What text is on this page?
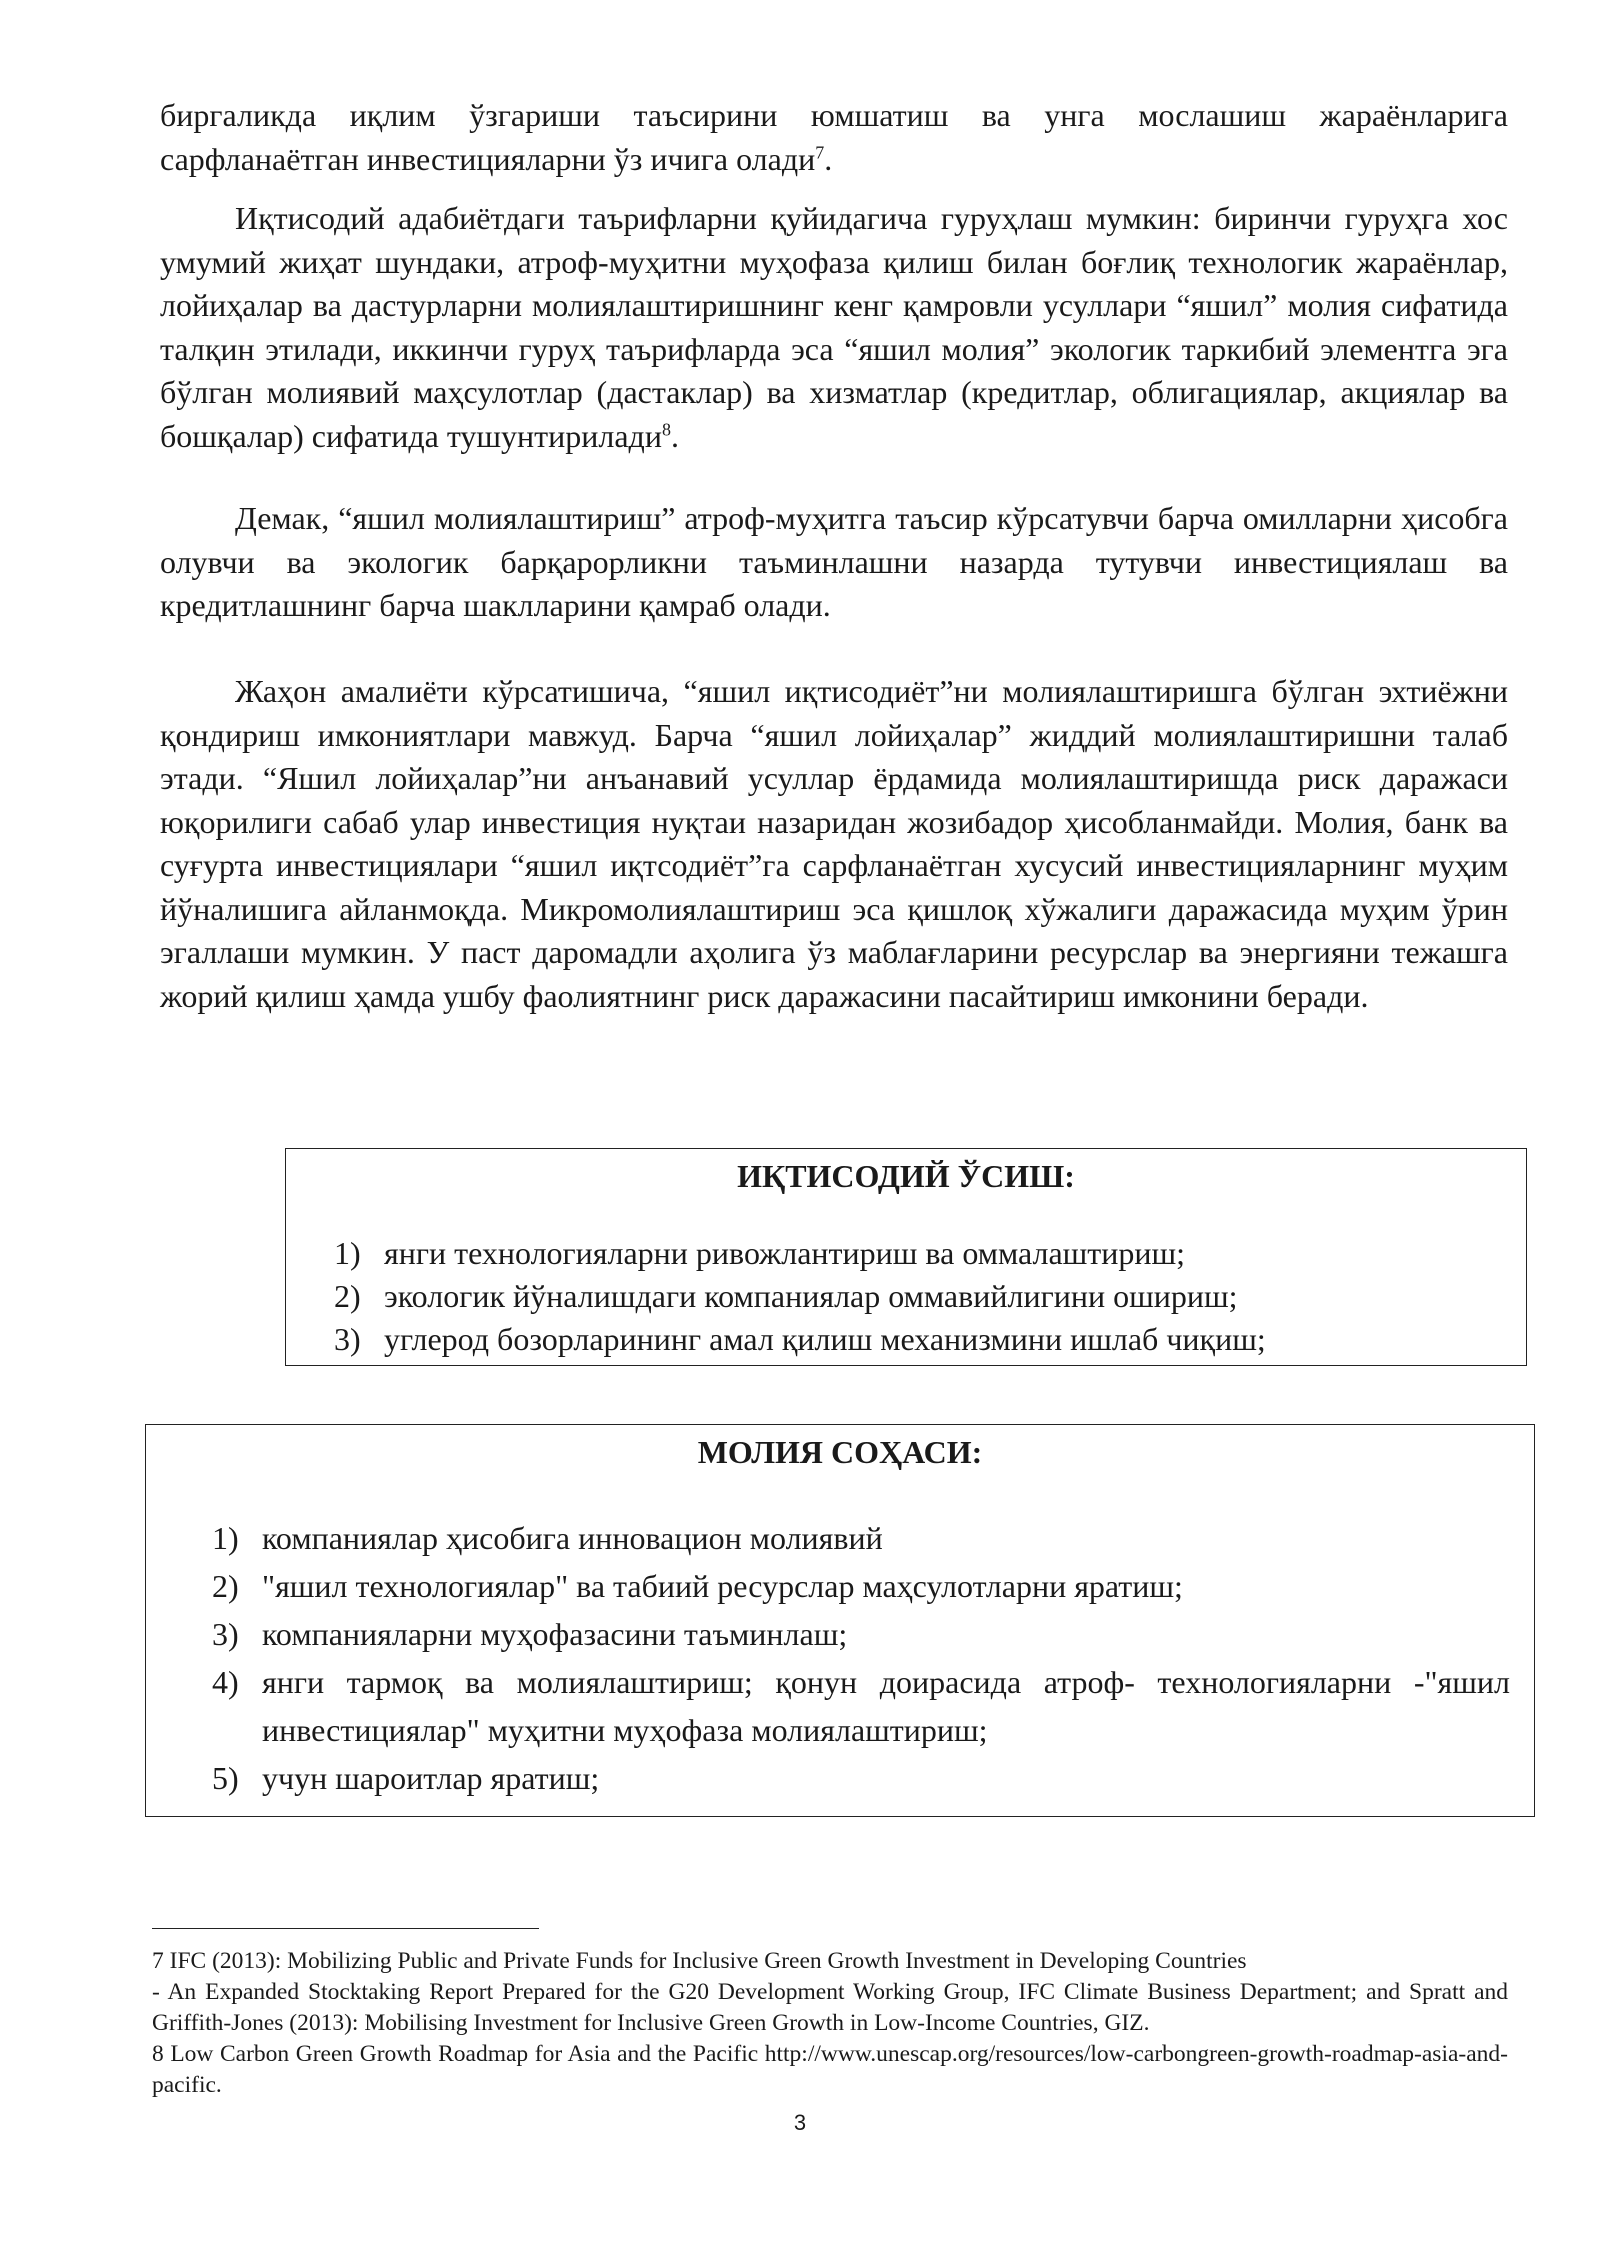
биргаликда иқлим ўзгариши таъсирини юмшатиш ва унга мослашиш жараёнларига сарфланаётган инвестицияларни ўз ичига олади$^7$.

Иқтисодий адабиётдаги таърифларни қуйидагича гуруҳлаш мумкин: биринчи гуруҳга хос умумий жиҳат шундаки, атроф-муҳитни муҳофаза қилиш билан боғлиқ технологик жараёнлар, лойиҳалар ва дастурларни молиялаштиришнинг кенг қамровли усуллари “яшил” молия сифатида талқин этилади, иккинчи гуруҳ таърифларда эса “яшил молия” экологик таркибий элементга эга бўлган молиявий маҳсулотлар (дастаклар) ва хизматлар (кредитлар, облигациялар, акциялар ва бошқалар) сифатида тушунтирилади$^8$.

Демак, “яшил молиялаштириш” атроф-муҳитга таъсир кўрсатувчи барча омилларни ҳисобга олувчи ва экологик барқарорликни таъминлашни назарда тутувчи инвестициялаш ва кредитлашнинг барча шаклларини қамраб олади.

Жаҳон амалиёти кўрсатишича, “яшил иқтисодиёт”ни молиялаштиришга бўлган эхтиёжни қондириш имкониятлари мавжуд. Барча “яшил лойиҳалар” жиддий молиялаштиришни талаб этади. “Яшил лойиҳалар”ни анъанавий усуллар ёрдамида молиялаштиришда риск даражаси юқорилиги сабаб улар инвестиция нуқтаи назаридан жозибадор ҳисобланмайди. Молия, банк ва суғурта инвестициялари “яшил иқтсодиёт”га сарфланаётган хусусий инвестицияларнинг муҳим йўналишига айланмоқда. Микромолиялаштириш эса қишлоқ хўжалиги даражасида муҳим ўрин эгаллаши мумкин. У паст даромадли аҳолига ўз маблағларини ресурслар ва энергияни тежашга жорий қилиш ҳамда ушбу фаолиятнинг риск даражасини пасайтириш имконини беради.

ИҚТИСОДИЙ ЎСИШ:
1) янги технологияларни ривожлантириш ва оммалаштириш;
2) экологик йўналишдаги компаниялар оммавийлигини ошириш;
3) углерод бозорларининг амал қилиш механизмини ишлаб чиқиш;
МОЛИЯ СОҲАСИ:
1) компаниялар ҳисобига инновацион молиявий
2) "яшил технологиялар" ва табиий ресурслар маҳсулотларни яратиш;
3) компанияларни муҳофазасини таъминлаш;
4) янги тармоқ ва молиялаштириш; қонун доирасида атроф- технологияларни -"яшил инвестициялар" муҳитни муҳофаза молиялаштириш;
5) учун шароитлар яратиш;

7 IFC (2013): Mobilizing Public and Private Funds for Inclusive Green Growth Investment in Developing Countries

- An Expanded Stocktaking Report Prepared for the G20 Development Working Group, IFC Climate Business Department; and Spratt and Griffith-Jones (2013): Mobilising Investment for Inclusive Green Growth in Low-Income Countries, GIZ.

8 Low Carbon Green Growth Roadmap for Asia and the Pacific http://www.unescap.org/resources/low-carbongreen-growth-roadmap-asia-and-pacific.

3
